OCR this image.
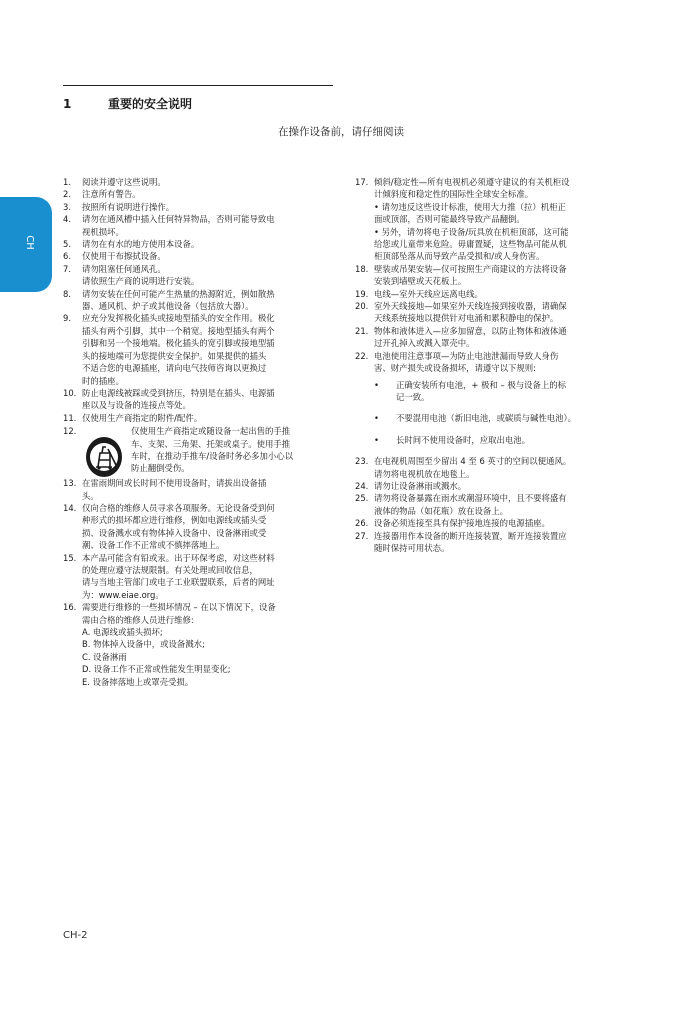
1	重要的安全说明
在操作设备前，请仔细阅读
CH
1.	阅读并遵守这些说明。
2.	注意所有警告。
3.	按照所有说明进行操作。
4.	请勿在通风槽中插入任何特异物品，否则可能导致电
视机损坏。
5.	请勿在有水的地方使用本设备。
6.	仅使用干布擦拭设备。
7.	请勿阻塞任何通风孔。
请依照生产商的说明进行安装。
8.	请勿安装在任何可能产生热量的热源附近，例如散热
器、通风机、炉子或其他设备（包括放大器）。
9.	应充分发挥极化插头或接地型插头的安全作用。极化
插头有两个引脚，其中一个稍宽。接地型插头有两个
引脚和另一个接地端。极化插头的宽引脚或接地型插
头的接地端可为您提供安全保护。如果提供的插头
不适合您的电源插座，请向电气技师咨询以更换过
时的插座。
10. 防止电源线被踩或受到挤压，特别是在插头、电源插
座以及与设备的连接点等处。
11. 仅使用生产商指定的附件/配件。
12.	仅使用生产商指定或随设备一起出售的手推
车、支架、三角架、托架或桌子。使用手推
车时，在推动手推车/设备时务必多加小心以
防止翻倒受伤。
13. 在雷雨期间或长时间不使用设备时，请拔出设备插
头。
14. 仅向合格的维修人员寻求各项服务。无论设备受到何
种形式的损坏都应进行维修，例如电源线或插头受
损、设备溅水或有物体掉入设备中、设备淋雨或受
潮、设备工作不正常或不慎摔落地上。
15. 本产品可能含有铅或汞。出于环保考虑，对这些材料
的处理应遵守法规限制。有关处理或回收信息，
请与当地主管部门或电子工业联盟联系，后者的网址
为：www.eiae.org。
16. 需要进行维修的一些损坏情况 – 在以下情况下，设备
需由合格的维修人员进行维修:
A. 电源线或插头损坏;
B. 物体掉入设备中，或设备溅水;
C. 设备淋雨
D. 设备工作不正常或性能发生明显变化;
E. 设备摔落地上或罩壳受损。
17. 倾斜/稳定性—所有电视机必须遵守建议的有关机柜设
计倾斜度和稳定性的国际性全球安全标准。
• 请勿违反这些设计标准，使用大力推（拉）机柜正
面或顶部，否则可能最终导致产品翻倒。
• 另外，请勿将电子设备/玩具放在机柜顶部，这可能
给您或儿童带来危险。毋庸置疑，这些物品可能从机
柜顶部坠落从而导致产品受损和/或人身伤害。
18. 壁装或吊架安装—仅可按照生产商建议的方法将设备
安装到墙壁或天花板上。
19. 电线—室外天线应远离电线。
20. 室外天线接地—如果室外天线连接到接收器，请确保
天线系统接地以提供针对电涌和累积静电的保护。
21. 物体和液体进入—应多加留意，以防止物体和液体通
过开孔掉入或溅入罩壳中。
22. 电池使用注意事项—为防止电池泄漏而导致人身伤
害、财产损失或设备损坏，请遵守以下规则:
•	正确安装所有电池，+ 极和 – 极与设备上的标
记一致。
•	不要混用电池（新旧电池，或碳质与碱性电池）。
•	长时间不使用设备时，应取出电池。
23. 在电视机周围至少留出 4 至 6 英寸的空间以便通风。
请勿将电视机放在地毯上。
24. 请勿让设备淋雨或溅水。
25. 请勿将设备暴露在雨水或潮湿环境中，且不要将盛有
液体的物品（如花瓶）放在设备上。
26. 设备必须连接至具有保护接地连接的电源插座。
27. 连接器用作本设备的断开连接装置，断开连接装置应
随时保持可用状态。
CH-2
